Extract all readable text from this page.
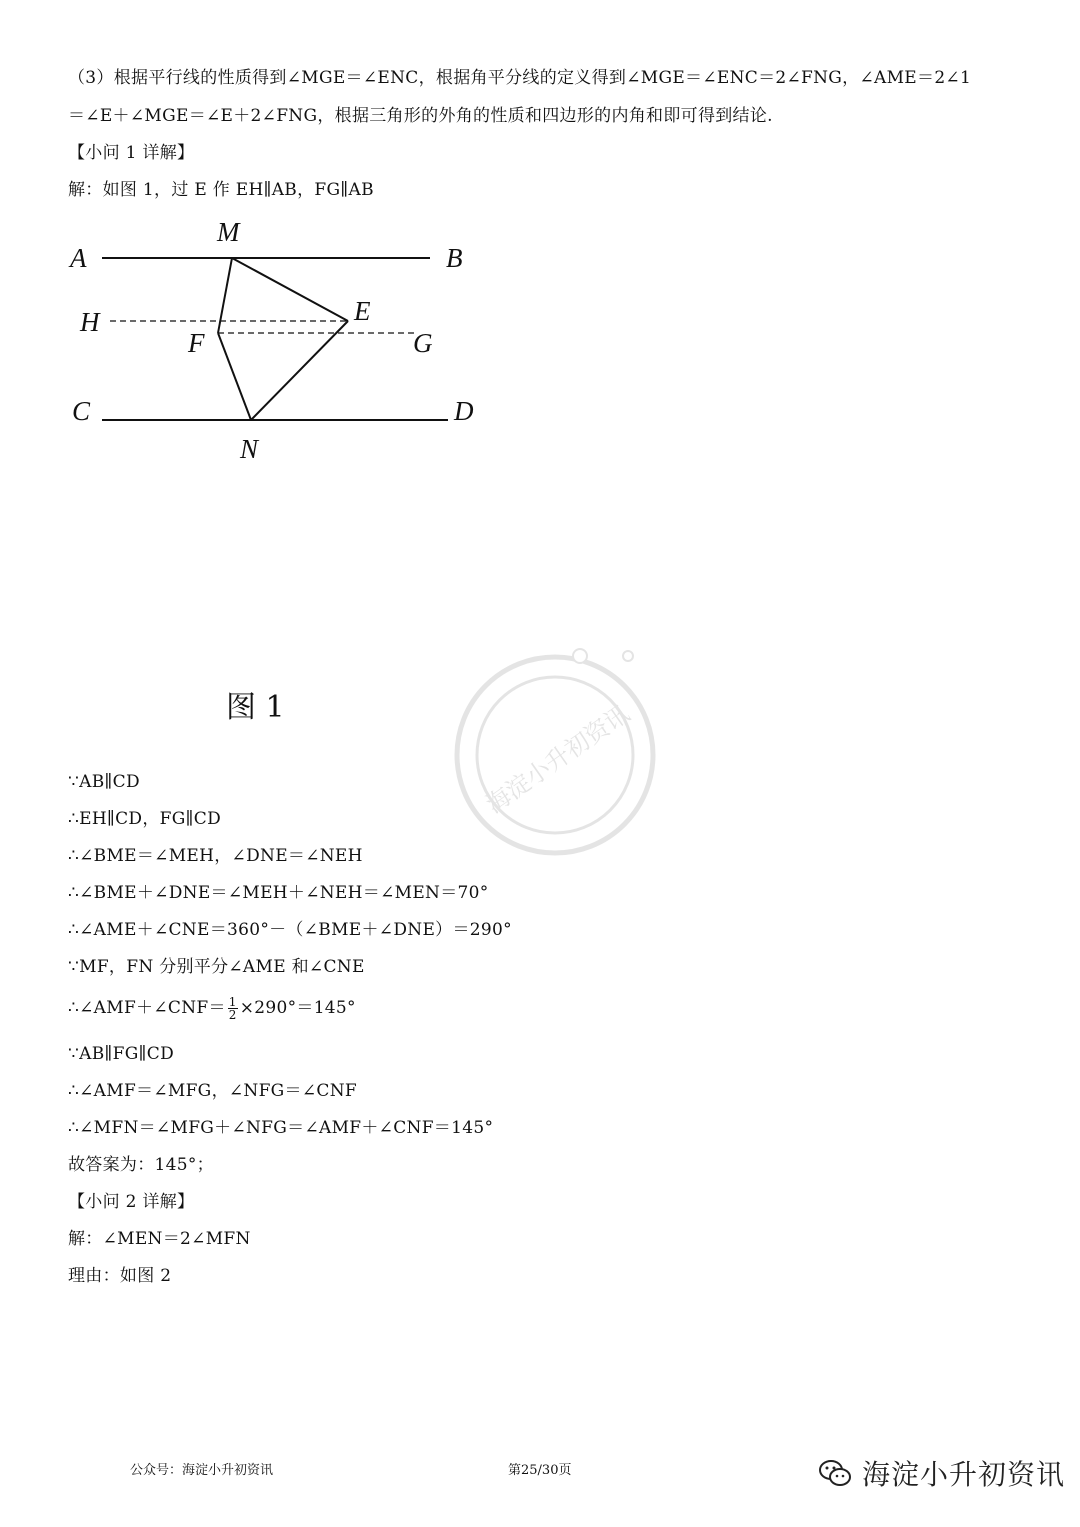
（3）根据平行线的性质得到∠MGE＝∠ENC，根据角平分线的定义得到∠MGE＝∠ENC＝2∠FNG，∠AME＝2∠1
＝∠E＋∠MGE＝∠E＋2∠FNG，根据三角形的外角的性质和四边形的内角和即可得到结论.
【小问 1 详解】
解：如图 1，过 E 作 EH∥AB，FG∥AB
A	B
M
H	E
F	G
C	D
N
图 1	海淀小升初资讯
∵AB∥CD
∴EH∥CD，FG∥CD
∴∠BME＝∠MEH，∠DNE＝∠NEH
∴∠BME＋∠DNE＝∠MEH＋∠NEH＝∠MEN＝70°
∴∠AME＋∠CNE＝360°－（∠BME＋∠DNE）＝290°
∵MF，FN 分别平分∠AME 和∠CNE
∴∠AMF＋∠CNF＝ $\frac{1}{2} \times 290^\circ=145^\circ$
∵AB∥FG∥CD
∴∠AMF＝∠MFG，∠NFG＝∠CNF
∴∠MFN＝∠MFG＋∠NFG＝∠AMF＋∠CNF＝145°
故答案为：145°；
【小问 2 详解】
解：∠MEN＝2∠MFN
理由：如图 2
公众号：海淀小升初资讯	第25/30页	海淀小升初资讯
